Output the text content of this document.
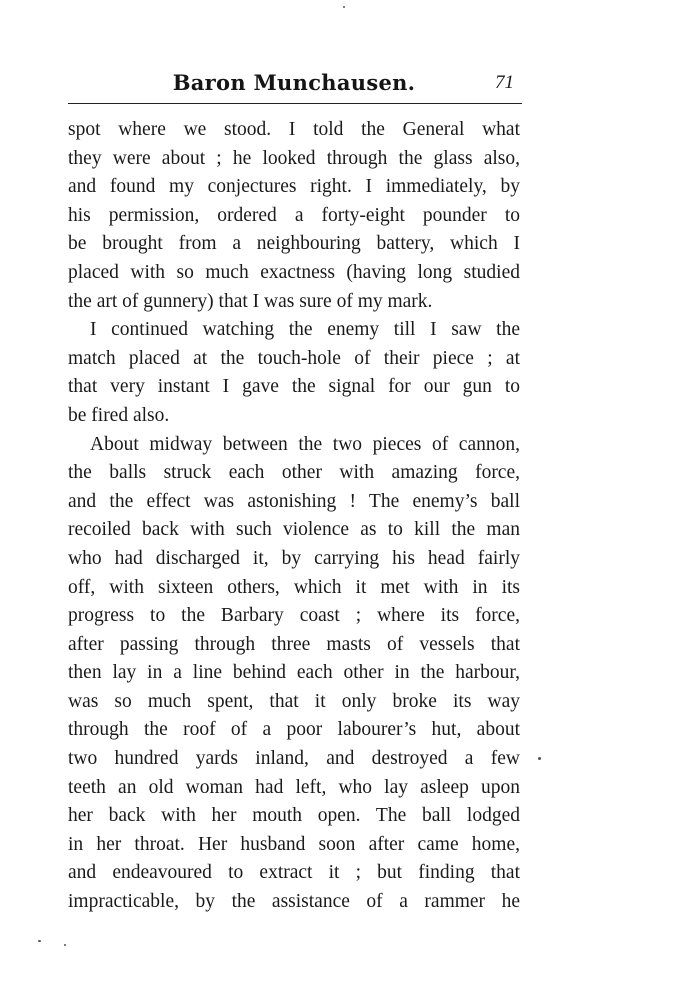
Baron Munchausen.	71
spot where we stood. I told the General what
they were about ; he looked through the glass also,
and found my conjectures right. I immediately, by
his permission, ordered a forty-eight pounder to
be brought from a neighbouring battery, which I
placed with so much exactness (having long studied
the art of gunnery) that I was sure of my mark.
I continued watching the enemy till I saw the
match placed at the touch-hole of their piece ; at
that very instant I gave the signal for our gun to
be fired also.
About midway between the two pieces of cannon,
the balls struck each other with amazing force,
and the effect was astonishing ! The enemy’s ball
recoiled back with such violence as to kill the man
who had discharged it, by carrying his head fairly
off, with sixteen others, which it met with in its
progress to the Barbary coast ; where its force,
after passing through three masts of vessels that
then lay in a line behind each other in the harbour,
was so much spent, that it only broke its way
through the roof of a poor labourer’s hut, about
two hundred yards inland, and destroyed a few
teeth an old woman had left, who lay asleep upon
her back with her mouth open. The ball lodged
in her throat. Her husband soon after came home,
and endeavoured to extract it ; but finding that
impracticable, by the assistance of a rammer he
